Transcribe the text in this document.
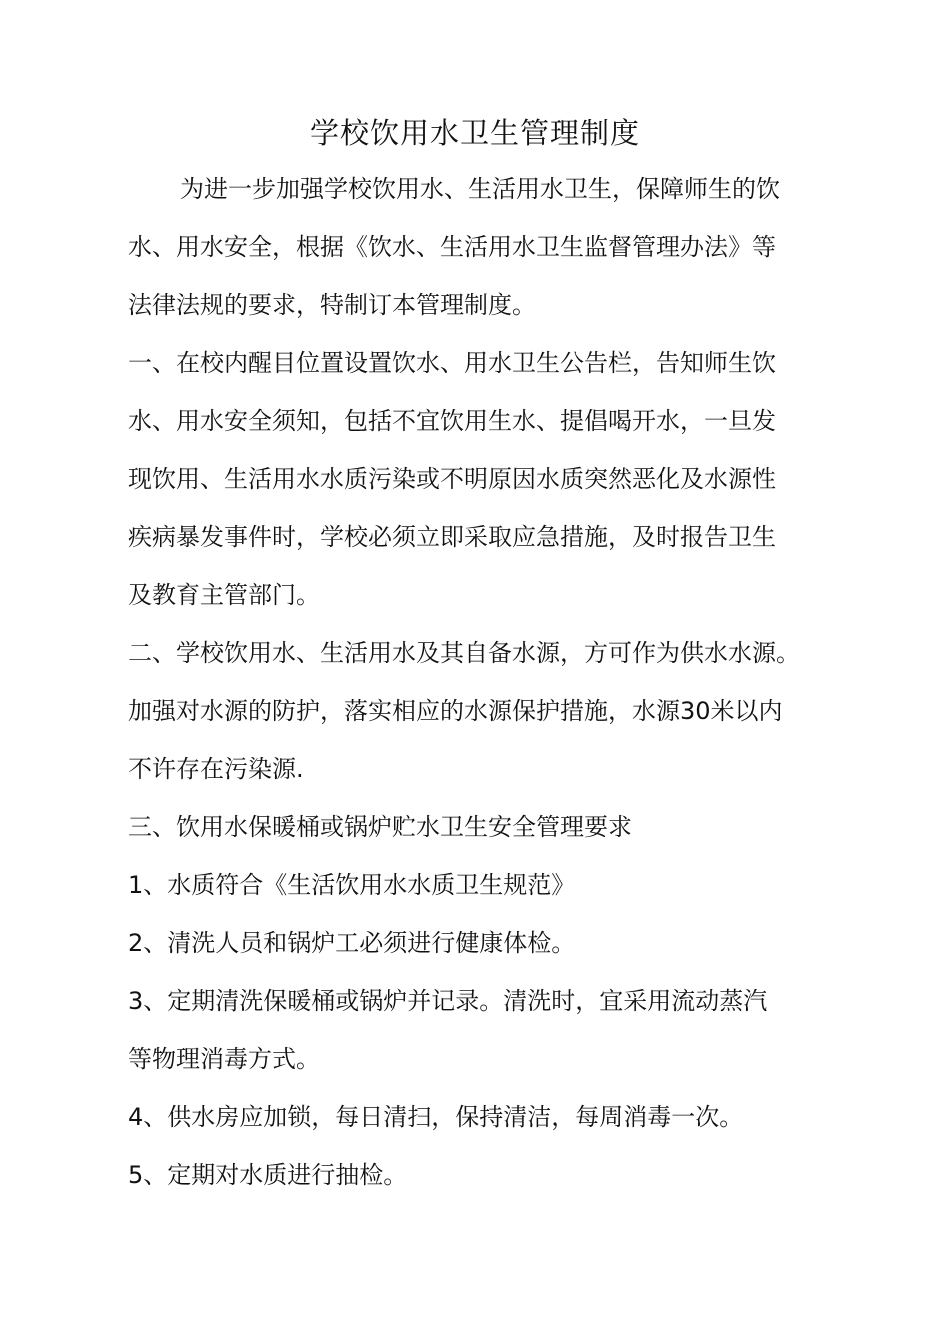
学校饮用水卫生管理制度
为进一步加强学校饮用水、生活用水卫生，保障师生的饮
水、用水安全，根据《饮水、生活用水卫生监督管理办法》等
法律法规的要求，特制订本管理制度。
一、在校内醒目位置设置饮水、用水卫生公告栏，告知师生饮
水、用水安全须知，包括不宜饮用生水、提倡喝开水，一旦发
现饮用、生活用水水质污染或不明原因水质突然恶化及水源性
疾病暴发事件时，学校必须立即采取应急措施，及时报告卫生
及教育主管部门。
二、学校饮用水、生活用水及其自备水源，方可作为供水水源。
加强对水源的防护，落实相应的水源保护措施，水源30米以内
不许存在污染源.
三、饮用水保暖桶或锅炉贮水卫生安全管理要求
1、水质符合《生活饮用水水质卫生规范》
2、清洗人员和锅炉工必须进行健康体检。
3、定期清洗保暖桶或锅炉并记录。清洗时，宜采用流动蒸汽
等物理消毒方式。
4、供水房应加锁，每日清扫，保持清洁，每周消毒一次。
5、定期对水质进行抽检。
